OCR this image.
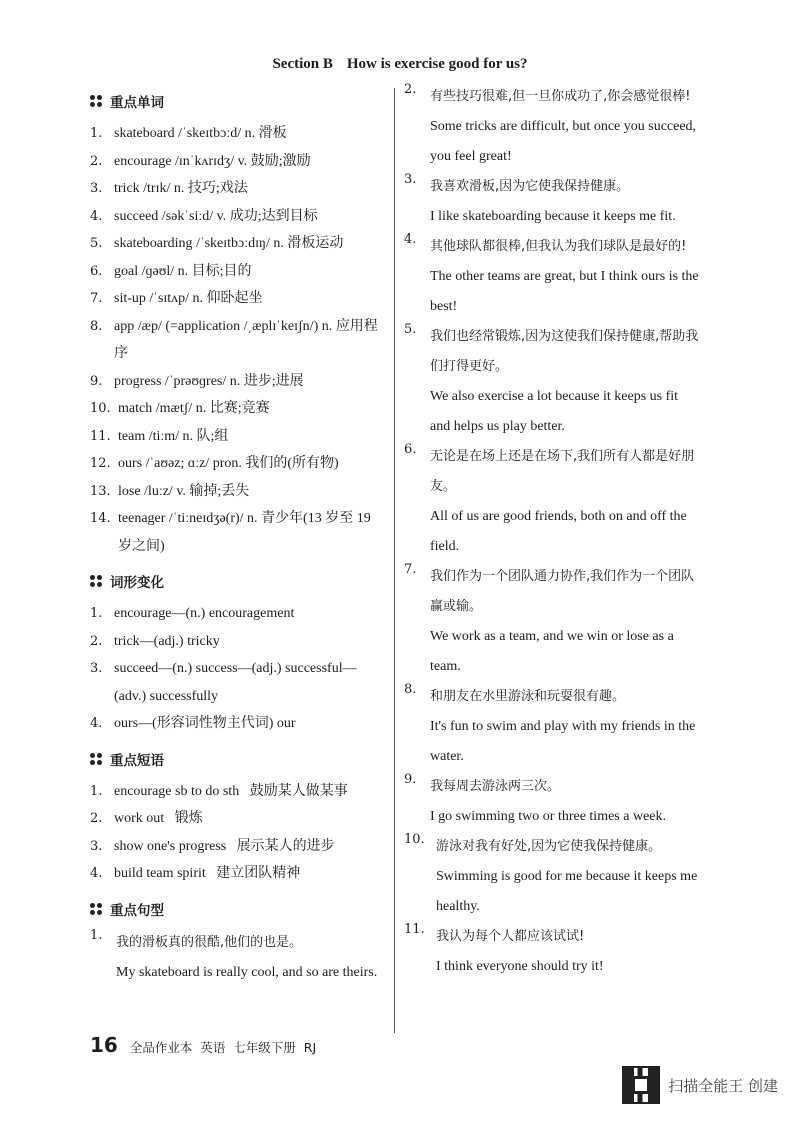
Section B How is exercise good for us?
重点单词
1. skateboard /ˈskeɪtbɔːd/ n. 滑板
2. encourage /ɪnˈkʌrɪdʒ/ v. 鼓励;激励
3. trick /trɪk/ n. 技巧;戏法
4. succeed /səkˈsiːd/ v. 成功;达到目标
5. skateboarding /ˈskeɪtbɔːdɪŋ/ n. 滑板运动
6. goal /ɡəʊl/ n. 目标;目的
7. sit-up /ˈsɪtʌp/ n. 仰卧起坐
8. app /æp/ (=application /ˌæplɪˈkeɪʃn/) n. 应用程序
9. progress /ˈprəʊɡres/ n. 进步;进展
10. match /mætʃ/ n. 比赛;竞赛
11. team /tiːm/ n. 队;组
12. ours /ˈaʊəz; ɑːz/ pron. 我们的(所有物)
13. lose /luːz/ v. 输掉;丢失
14. teenager /ˈtiːneɪdʒə(r)/ n. 青少年(13 岁至 19 岁之间)
词形变化
1. encourage—(n.) encouragement
2. trick—(adj.) tricky
3. succeed—(n.) success—(adj.) successful—(adv.) successfully
4. ours—(形容词性物主代词) our
重点短语
1. encourage sb to do sth   鼓励某人做某事
2. work out   锻炼
3. show one's progress   展示某人的进步
4. build team spirit   建立团队精神
重点句型
1.	我的滑板真的很酷,他们的也是。
My skateboard is really cool, and so are theirs.
2.	有些技巧很难,但一旦你成功了,你会感觉很棒!
Some tricks are difficult, but once you succeed, you feel great!
3.	我喜欢滑板,因为它使我保持健康。
I like skateboarding because it keeps me fit.
4.	其他球队都很棒,但我认为我们球队是最好的!
The other teams are great, but I think ours is the best!
5.	我们也经常锻炼,因为这使我们保持健康,帮助我们打得更好。
We also exercise a lot because it keeps us fit and helps us play better.
6.	无论是在场上还是在场下,我们所有人都是好朋友。
All of us are good friends, both on and off the field.
7.	我们作为一个团队通力协作,我们作为一个团队赢或输。
We work as a team, and we win or lose as a team.
8.	和朋友在水里游泳和玩耍很有趣。
It's fun to swim and play with my friends in the water.
9.	我每周去游泳两三次。
I go swimming two or three times a week.
10. 游泳对我有好处,因为它使我保持健康。
Swimming is good for me because it keeps me healthy.
11. 我认为每个人都应该试试!
I think everyone should try it!
16 全品作业本 英语 七年级下册 RJ
扫描全能王 创建
